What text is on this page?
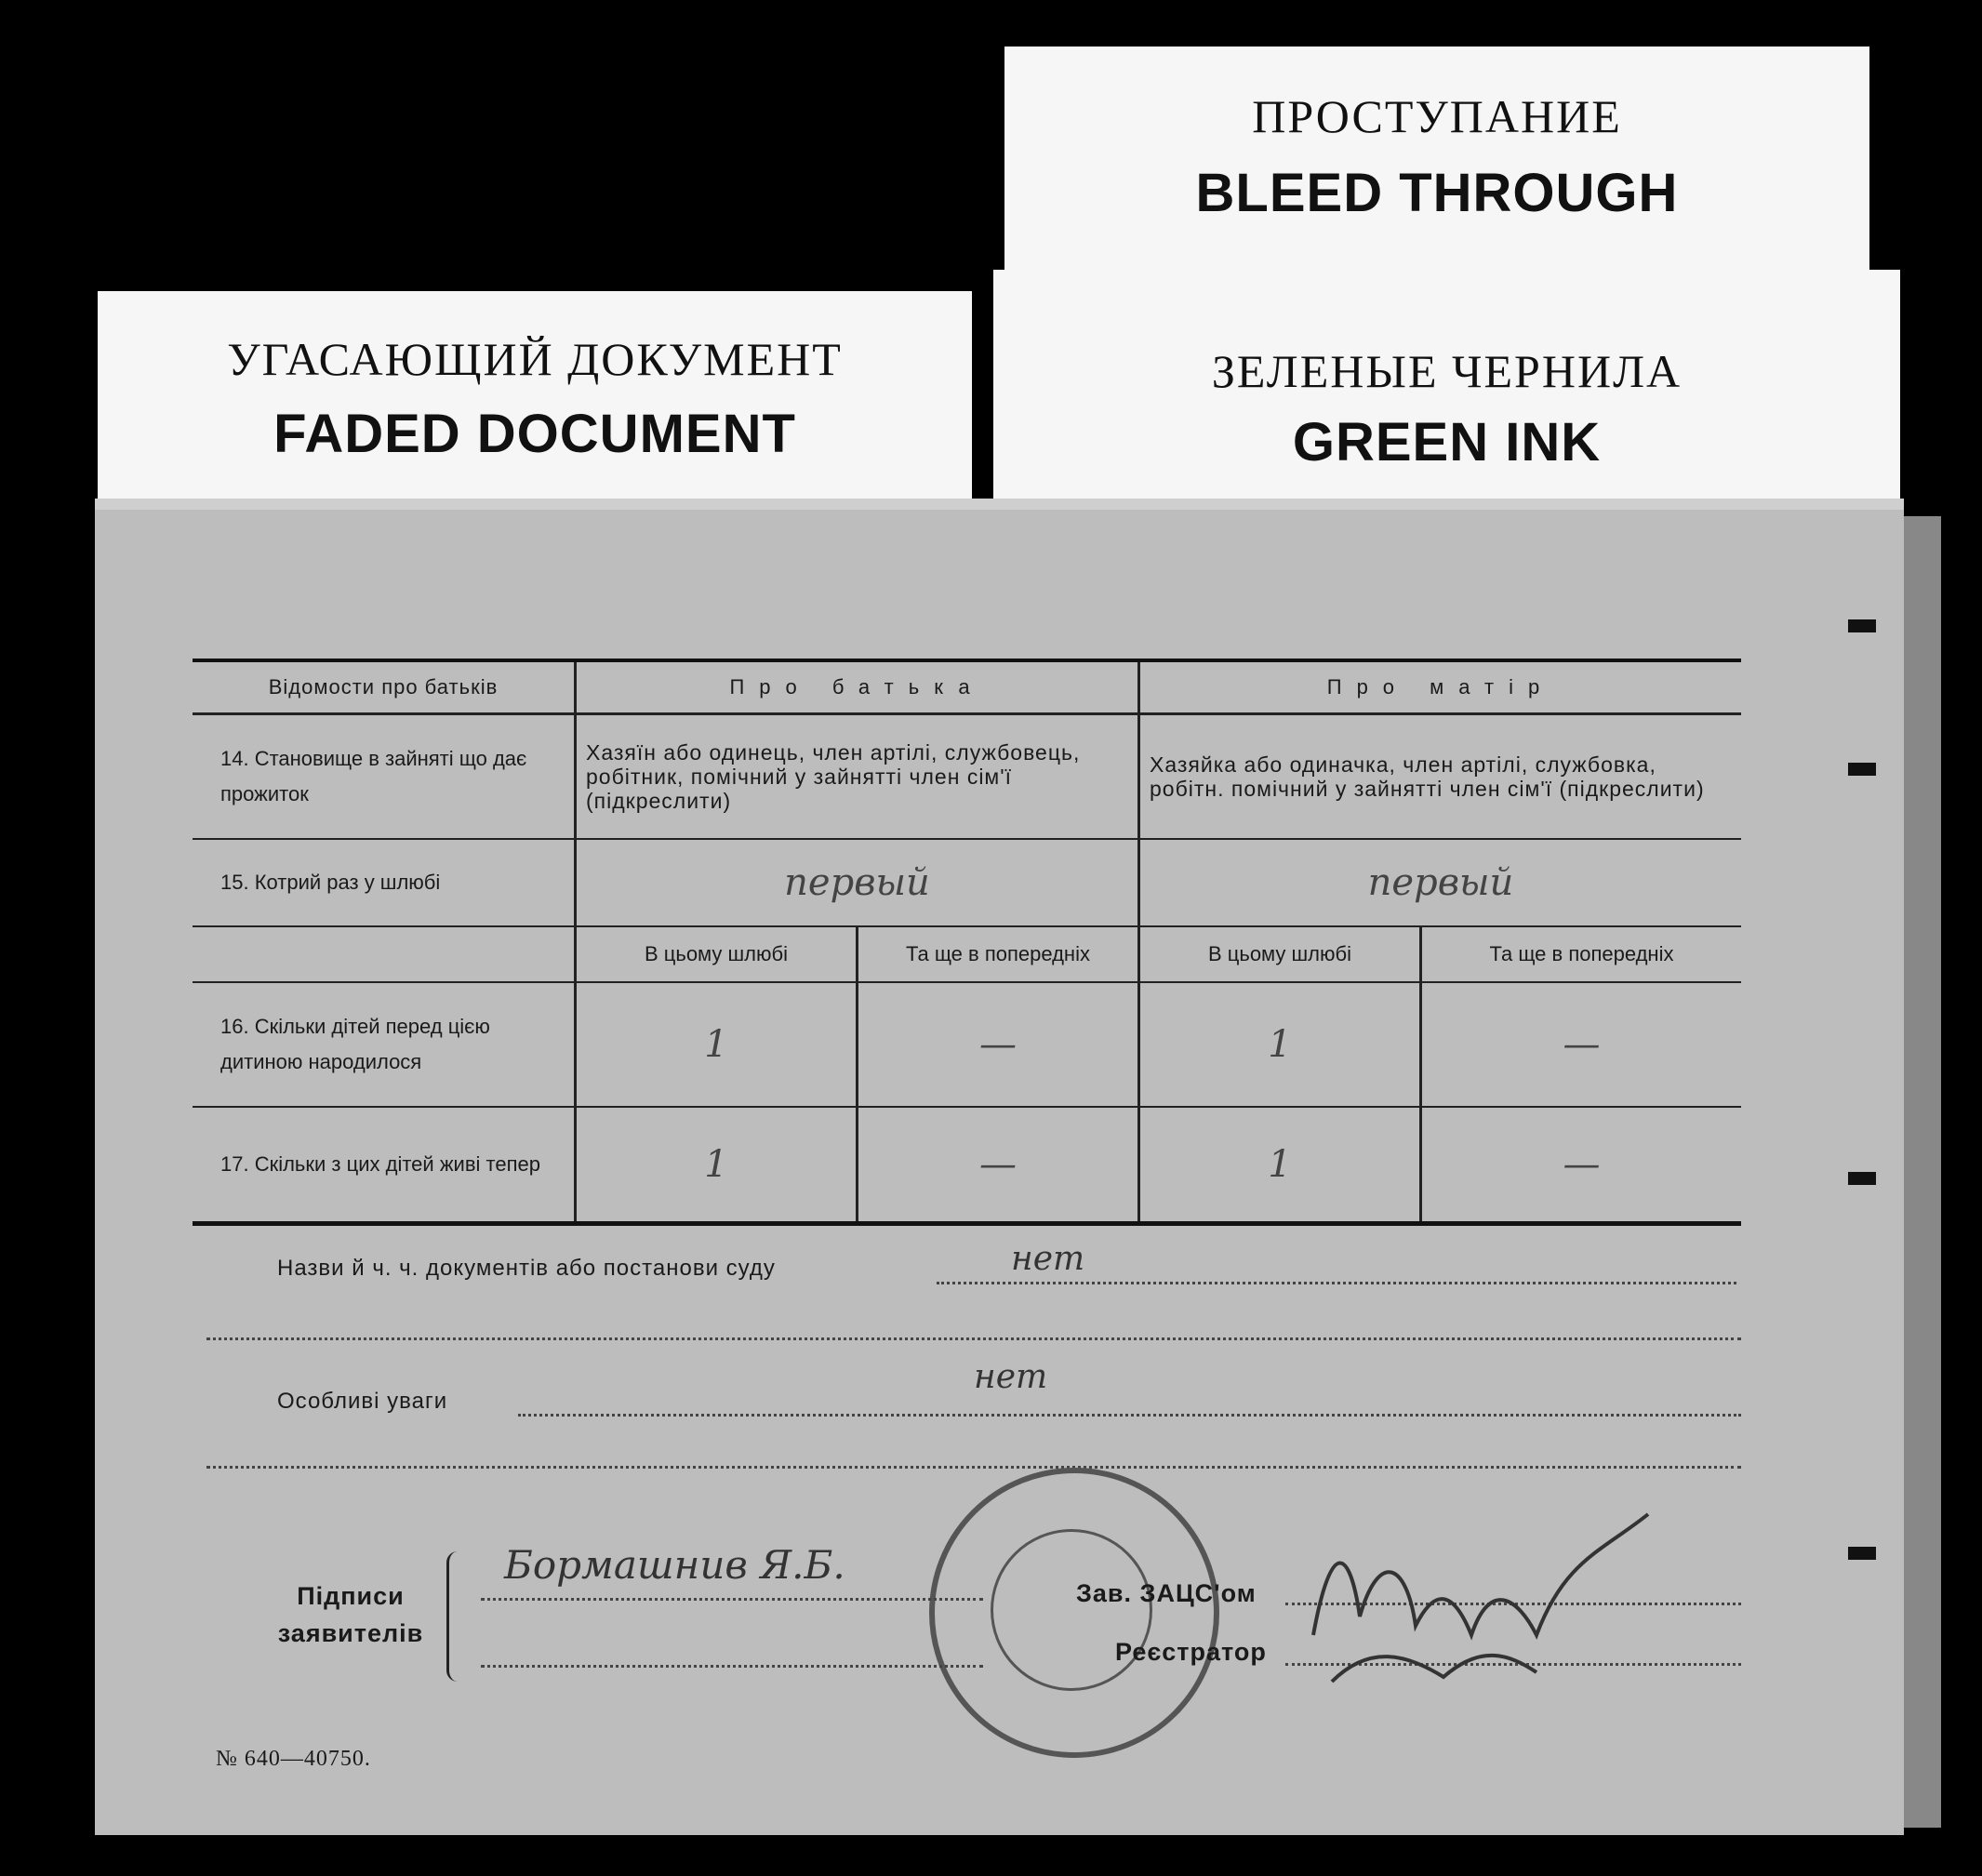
ПРОСТУПАНИЕ
BLEED THROUGH
ЗЕЛЕНЫЕ ЧЕРНИЛА
GREEN INK
УГАСАЮЩИЙ ДОКУМЕНТ
FADED DOCUMENT
Відомости про батьків	Про батька		Про матір	
14. Становище в зайняті що дає прожиток	Хазяїн або одинець, член артілі, службовець, робітник, помічний у зайнятті член сім'ї (підкреслити)		Хазяйка або одиначка, член артілі, службовка, робітн. помічний у зайнятті член сім'ї (підкреслити)	
15. Котрий раз у шлюбі	первый		первый	
	В цьому шлюбі	Та ще в попередніх	В цьому шлюбі	Та ще в попередніх
16. Скільки дітей перед цією дитиною народилося	1	—	1	—
17. Скільки з цих дітей живі тепер	1	—	1	—
Назви й ч. ч. документів або постанови суду	нет
Особливі уваги
нет
Підписи заявителів
Бормашнив Я.Б.
Зав. ЗАЦС'ом
Реєстратор
№ 640—40750.
